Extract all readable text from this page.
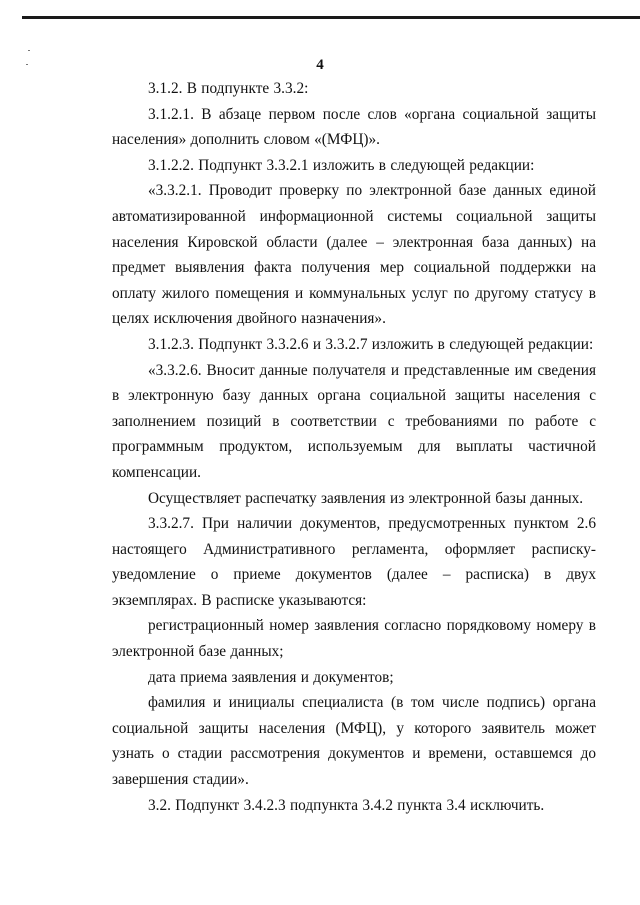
4

3.1.2. В подпункте 3.3.2:

3.1.2.1. В абзаце первом после слов «органа социальной защиты населения» дополнить словом «(МФЦ)».

3.1.2.2. Подпункт 3.3.2.1 изложить в следующей редакции:

«3.3.2.1. Проводит проверку по электронной базе данных единой автоматизированной информационной системы социальной защиты населения Кировской области (далее – электронная база данных) на предмет выявления факта получения мер социальной поддержки на оплату жилого помещения и коммунальных услуг по другому статусу в целях исключения двойного назначения».

3.1.2.3. Подпункт 3.3.2.6 и 3.3.2.7 изложить в следующей редакции:

«3.3.2.6. Вносит данные получателя и представленные им сведения в электронную базу данных органа социальной защиты населения с заполнением позиций в соответствии с требованиями по работе с программным продуктом, используемым для выплаты частичной компенсации.

Осуществляет распечатку заявления из электронной базы данных.

3.3.2.7. При наличии документов, предусмотренных пунктом 2.6 настоящего Административного регламента, оформляет расписку-уведомление о приеме документов (далее – расписка) в двух экземплярах. В расписке указываются:

регистрационный номер заявления согласно порядковому номеру в электронной базе данных;

дата приема заявления и документов;

фамилия и инициалы специалиста (в том числе подпись) органа социальной защиты населения (МФЦ), у которого заявитель может узнать о стадии рассмотрения документов и времени, оставшемся до завершения стадии».

3.2. Подпункт 3.4.2.3 подпункта 3.4.2 пункта 3.4 исключить.
